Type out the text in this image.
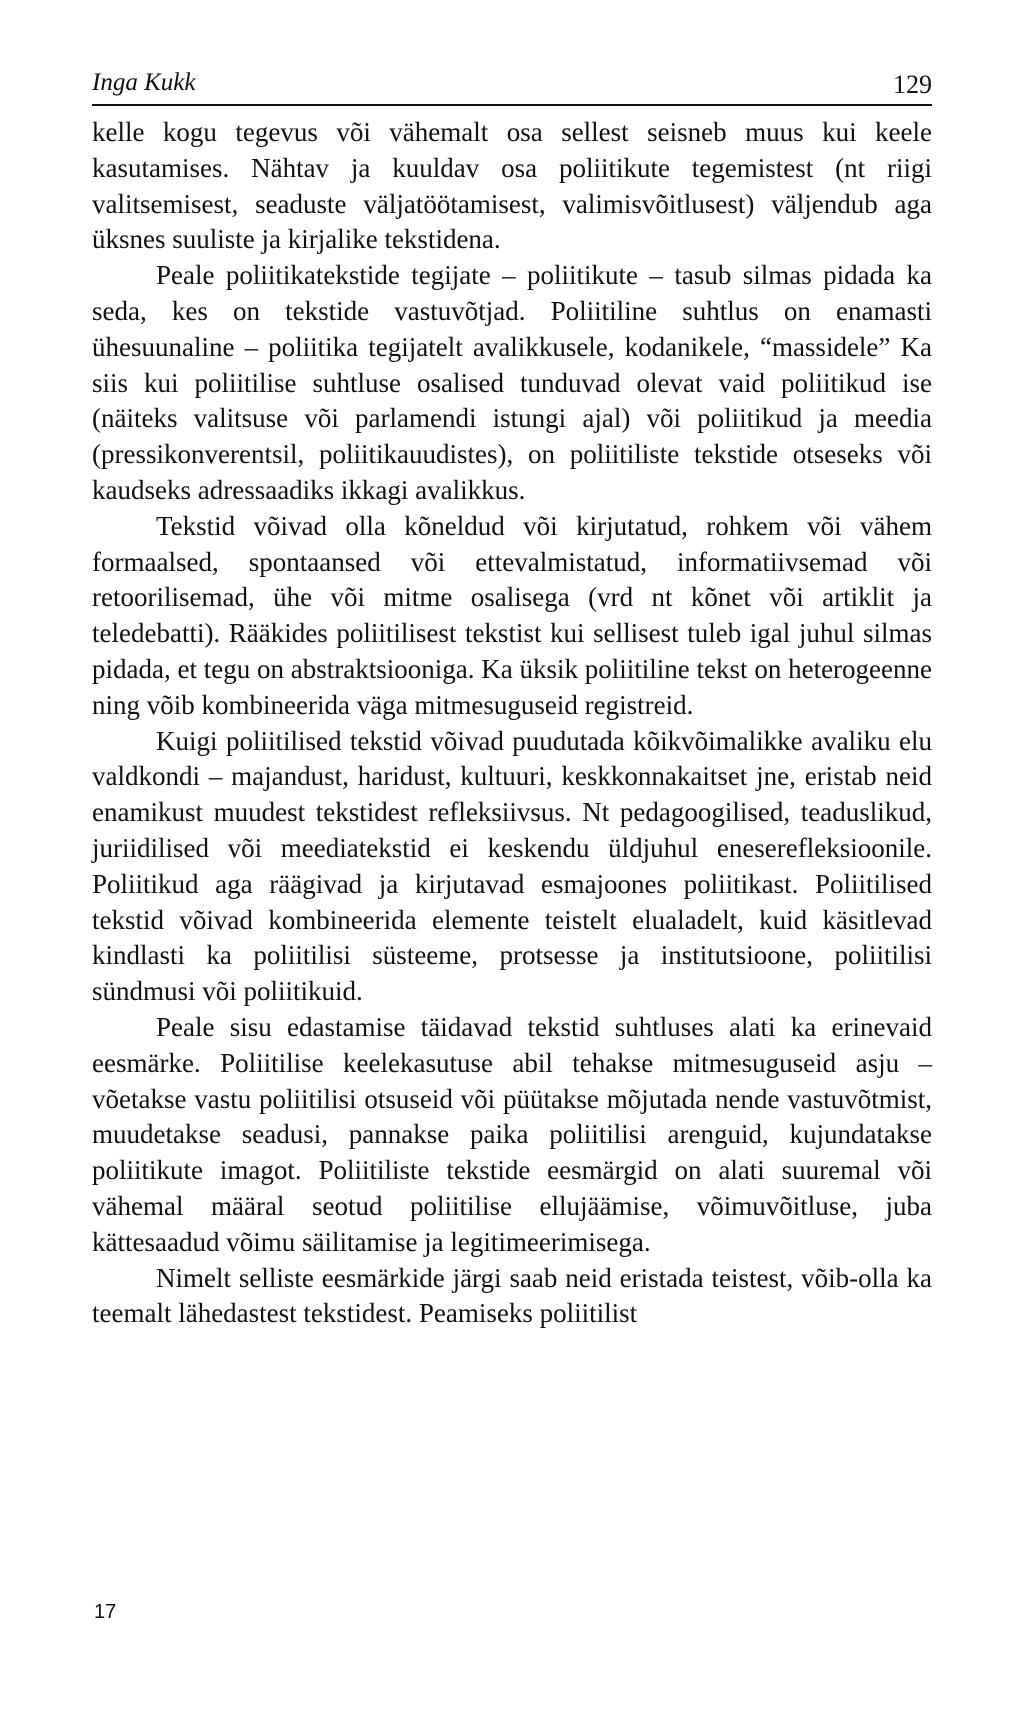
Inga Kukk	129

kelle kogu tegevus või vähemalt osa sellest seisneb muus kui keele kasutamises. Nähtav ja kuuldav osa poliitikute tegemistest (nt riigi valitsemisest, seaduste väljatöötamisest, valimisvõitlusest) väljendub aga üksnes suuliste ja kirjalike tekstidena.

Peale poliitikatekstide tegijate – poliitikute – tasub silmas pidada ka seda, kes on tekstide vastuvõtjad. Poliitiline suhtlus on enamasti ühesuunaline – poliitika tegijatelt avalikkusele, kodanikele, “massidele” Ka siis kui poliitilise suhtluse osalised tunduvad olevat vaid poliitikud ise (näiteks valitsuse või parlamendi istungi ajal) või poliitikud ja meedia (pressikonverentsil, poliitikauudistes), on poliitiliste tekstide otseseks või kaudseks adressaadiks ikkagi avalikkus.

Tekstid võivad olla kõneldud või kirjutatud, rohkem või vähem formaalsed, spontaansed või ettevalmistatud, informatiivsemad või retoorilisemad, ühe või mitme osalisega (vrd nt kõnet või artiklit ja teledebatti). Rääkides poliitilisest tekstist kui sellisest tuleb igal juhul silmas pidada, et tegu on abstraktsiooniga. Ka üksik poliitiline tekst on heterogeenne ning võib kombineerida väga mitmesuguseid registreid.

Kuigi poliitilised tekstid võivad puudutada kõikvõimalikke avaliku elu valdkondi – majandust, haridust, kultuuri, keskkonnakaitset jne, eristab neid enamikust muudest tekstidest refleksiivsus. Nt pedagoogilised, teaduslikud, juriidilised või meediatekstid ei keskendu üldjuhul eneserefleksioonile. Poliitikud aga räägivad ja kirjutavad esmajoones poliitikast. Poliitilised tekstid võivad kombineerida elemente teistelt elualadelt, kuid käsitlevad kindlasti ka poliitilisi süsteeme, protsesse ja institutsioone, poliitilisi sündmusi või poliitikuid.

Peale sisu edastamise täidavad tekstid suhtluses alati ka erinevaid eesmärke. Poliitilise keelekasutuse abil tehakse mitmesuguseid asju – võetakse vastu poliitilisi otsuseid või püütakse mõjutada nende vastuvõtmist, muudetakse seadusi, pannakse paika poliitilisi arenguid, kujundatakse poliitikute imagot. Poliitiliste tekstide eesmärgid on alati suuremal või vähemal määral seotud poliitilise ellujäämise, võimuvõitluse, juba kättesaadud võimu säilitamise ja legitimeerimisega.

Nimelt selliste eesmärkide järgi saab neid eristada teistest, võib-olla ka teemalt lähedastest tekstidest. Peamiseks poliitilist

17
